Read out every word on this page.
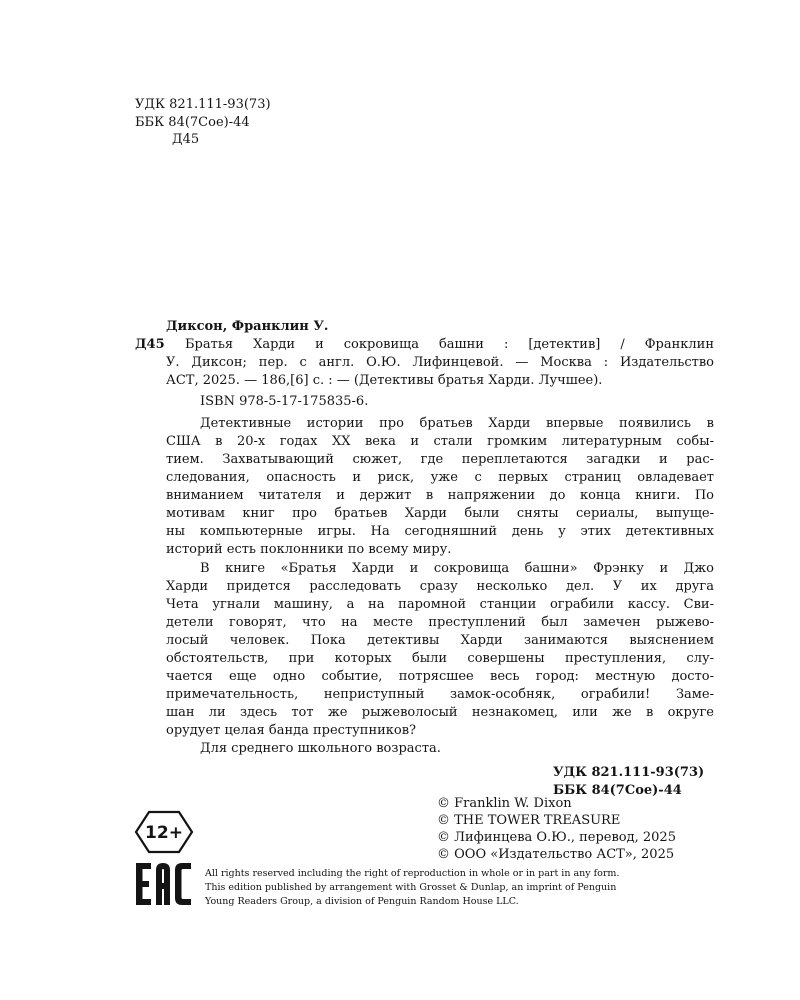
УДК 821.111-93(73)
ББК 84(7Сое)-44
Д45
Диксон, Франклин У.
Д45 Братья Харди и сокровища башни : [детектив] / Франклин
У. Диксон; пер. с англ. О.Ю. Лифинцевой. — Москва : Издательство
АСТ, 2025. — 186,[6] с. : — (Детективы братья Харди. Лучшее).
ISBN 978-5-17-175835-6.
Детективные истории про братьев Харди впервые появились в
США в 20-х годах XX века и стали громким литературным собы-
тием. Захватывающий сюжет, где переплетаются загадки и рас-
следования, опасность и риск, уже с первых страниц овладевает
вниманием читателя и держит в напряжении до конца книги. По
мотивам книг про братьев Харди были сняты сериалы, выпуще-
ны компьютерные игры. На сегодняшний день у этих детективных
историй есть поклонники по всему миру.
В книге «Братья Харди и сокровища башни» Фрэнку и Джо
Харди придется расследовать сразу несколько дел. У их друга
Чета угнали машину, а на паромной станции ограбили кассу. Сви-
детели говорят, что на месте преступлений был замечен рыжево-
лосый человек. Пока детективы Харди занимаются выяснением
обстоятельств, при которых были совершены преступления, слу-
чается еще одно событие, потрясшее весь город: местную досто-
примечательность, неприступный замок-особняк, ограбили! Заме-
шан ли здесь тот же рыжеволосый незнакомец, или же в округе
орудует целая банда преступников?
Для среднего школьного возраста.
УДК 821.111-93(73)
ББК 84(7Сое)-44
© Franklin W. Dixon
© THE TOWER TREASURE
© Лифинцева О.Ю., перевод, 2025
© ООО «Издательство АСТ», 2025
12+
All rights reserved including the right of reproduction in whole or in part in any form.
This edition published by arrangement with Grosset & Dunlap, an imprint of Penguin
Young Readers Group, a division of Penguin Random House LLC.
